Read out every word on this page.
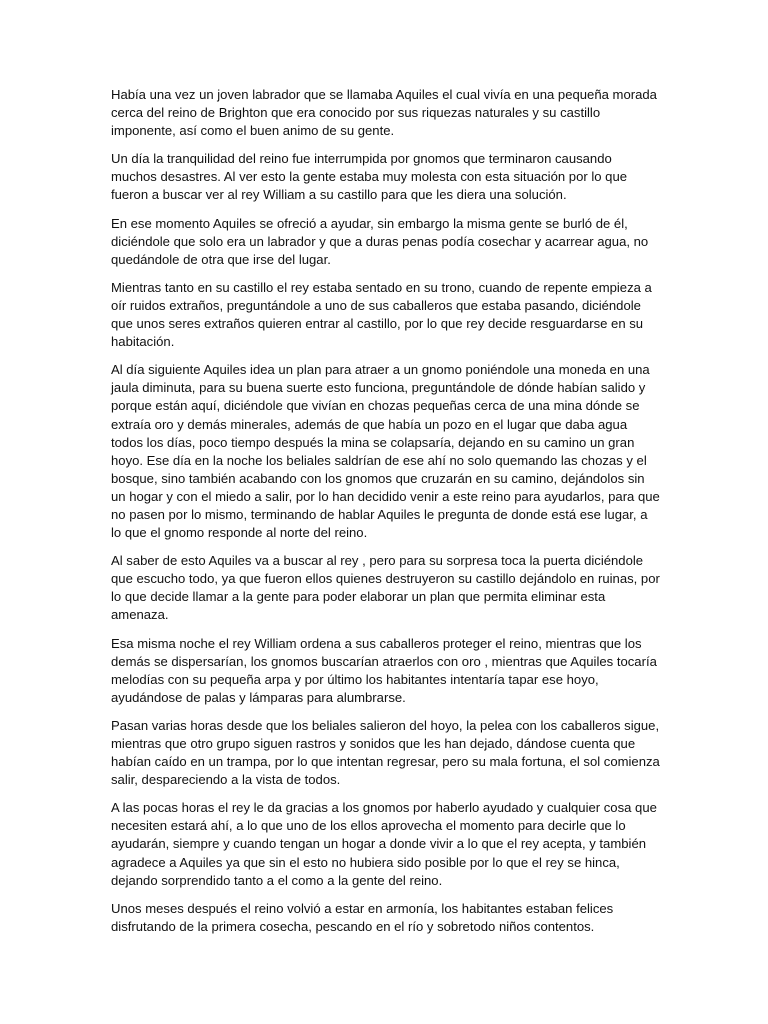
Había una vez un joven labrador que se llamaba Aquiles el cual vivía en una pequeña morada cerca del reino de Brighton que era conocido por sus riquezas naturales y su castillo imponente, así como el buen animo de su gente.

Un día la tranquilidad del reino fue interrumpida por gnomos que terminaron causando muchos desastres. Al ver esto la gente estaba muy molesta con esta situación por lo que fueron a buscar ver al rey William a su castillo para que les diera una solución.

En ese momento Aquiles se ofreció a ayudar, sin embargo la misma gente se burló de él, diciéndole que solo era un labrador y que a duras penas podía cosechar y acarrear agua, no quedándole de otra que irse del lugar.

Mientras tanto en su castillo el rey estaba sentado en su trono, cuando de repente empieza a oír ruidos extraños, preguntándole a uno de sus caballeros que estaba pasando, diciéndole que unos seres extraños quieren entrar al castillo, por lo que rey decide resguardarse en su habitación.

Al día siguiente Aquiles idea un plan para atraer a un gnomo poniéndole una moneda en una jaula diminuta, para su buena suerte esto funciona, preguntándole de dónde habían salido y porque están aquí, diciéndole que vivían en chozas pequeñas cerca de una mina dónde se extraía oro y demás minerales, además de que había un pozo en el lugar que daba agua todos los días, poco tiempo después la mina se colapsaría, dejando en su camino un gran hoyo. Ese día en la noche los beliales saldrían de ese ahí no solo quemando las chozas y el bosque, sino también acabando con los gnomos que cruzarán en su camino, dejándolos sin un hogar y con el miedo a salir, por lo han decidido venir a este reino para ayudarlos, para que no pasen por lo mismo, terminando de hablar Aquiles le pregunta de donde está ese lugar, a lo que el gnomo responde al norte del reino.

Al saber de esto Aquiles va a buscar al rey , pero para su sorpresa toca la puerta diciéndole que escucho todo, ya que fueron ellos quienes destruyeron su castillo dejándolo en ruinas, por lo que decide llamar a la gente para poder elaborar un plan que permita eliminar esta amenaza.

Esa misma noche el rey William ordena a sus caballeros proteger el reino, mientras que los demás se dispersarían, los gnomos buscarían atraerlos con oro , mientras que Aquiles tocaría melodías con su pequeña arpa y por último los habitantes intentaría tapar ese hoyo, ayudándose de palas y lámparas para alumbrarse.

Pasan varias horas desde que los beliales salieron del hoyo, la pelea con los caballeros sigue, mientras que otro grupo siguen rastros y sonidos que les han dejado, dándose cuenta que habían caído en un trampa, por lo que intentan regresar, pero su mala fortuna, el sol comienza salir, despareciendo a la vista de todos.

A las pocas horas el rey le da gracias a los gnomos por haberlo ayudado y cualquier cosa que necesiten estará ahí, a lo que uno de los ellos aprovecha el momento para decirle que lo ayudarán, siempre y cuando tengan un hogar a donde vivir a lo que el rey acepta, y también agradece a Aquiles ya que sin el esto no hubiera sido posible por lo que el rey se hinca, dejando sorprendido tanto a el como a la gente del reino.

Unos meses después el reino volvió a estar en armonía, los habitantes estaban felices disfrutando de la primera cosecha, pescando en el río y sobretodo niños contentos.
